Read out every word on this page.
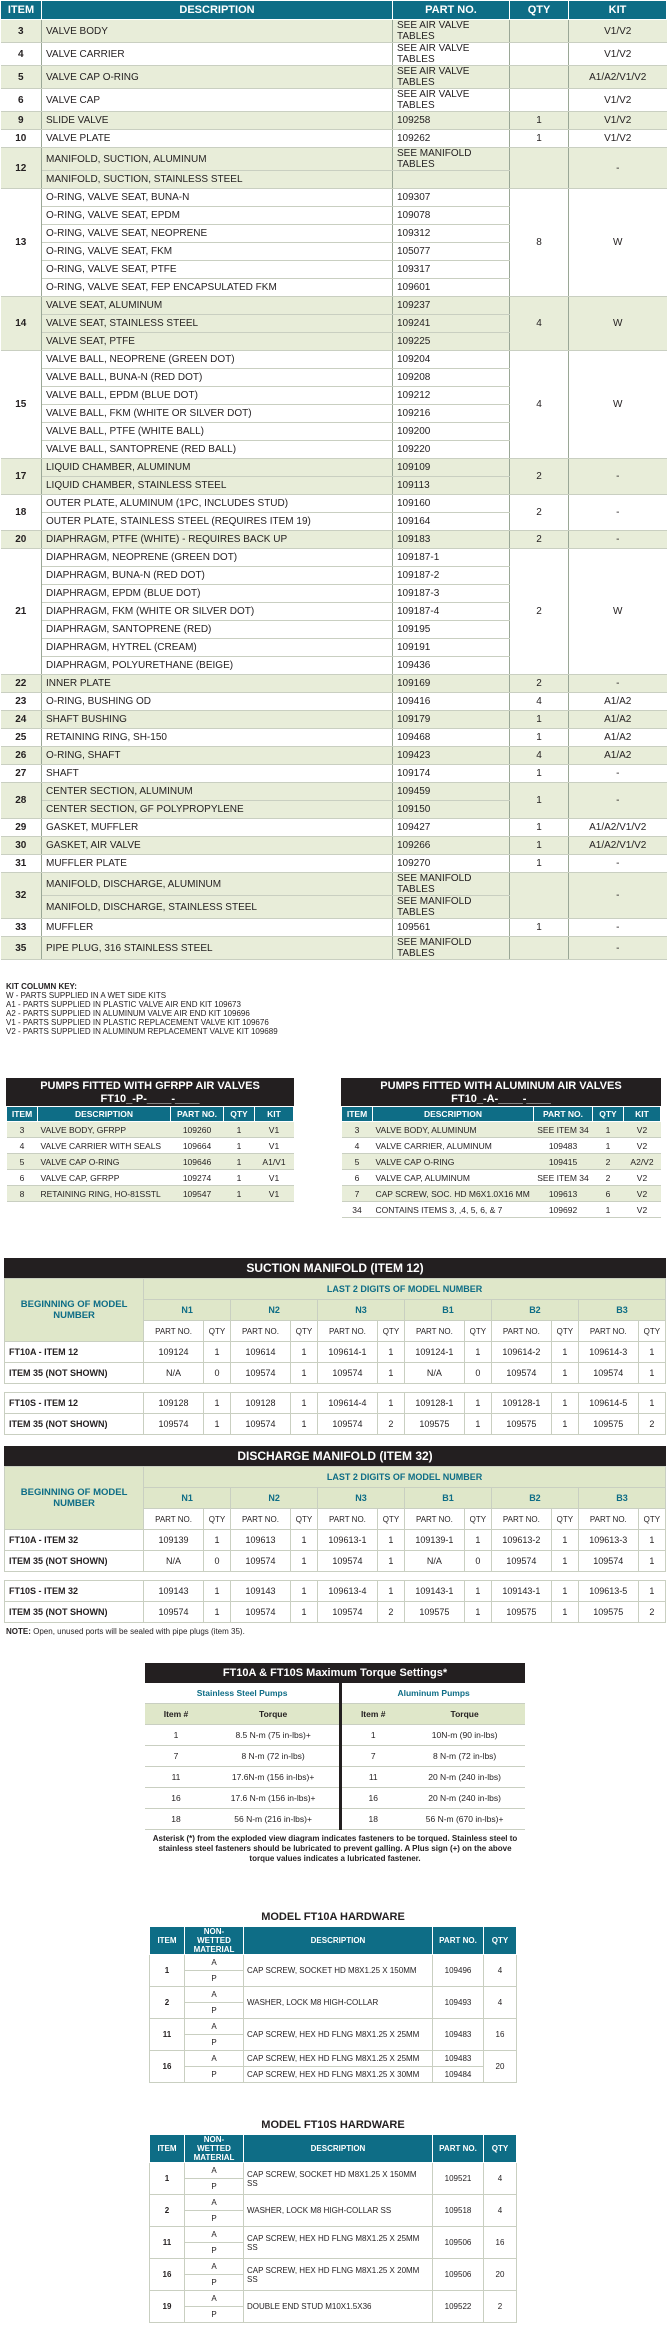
ITEM	DESCRIPTION	PART NO.	QTY	KIT
3	VALVE BODY	SEE AIR VALVE TABLES		V1/V2
4	VALVE CARRIER	SEE AIR VALVE TABLES		V1/V2
5	VALVE CAP O-RING	SEE AIR VALVE TABLES		A1/A2/V1/V2
6	VALVE CAP	SEE AIR VALVE TABLES		V1/V2
9	SLIDE VALVE	109258	1	V1/V2
10	VALVE PLATE	109262	1	V1/V2
12	MANIFOLD, SUCTION, ALUMINUM	SEE MANIFOLD TABLES		-
	MANIFOLD, SUCTION, STAINLESS STEEL			
13	O-RING, VALVE SEAT, BUNA-N	109307	8	W
	O-RING, VALVE SEAT, EPDM	109078		
	O-RING, VALVE SEAT, NEOPRENE	109312		
	O-RING, VALVE SEAT, FKM	105077		
	O-RING, VALVE SEAT, PTFE	109317		
	O-RING, VALVE SEAT, FEP ENCAPSULATED FKM	109601		
14	VALVE SEAT, ALUMINUM	109237	4	W
	VALVE SEAT, STAINLESS STEEL	109241		
	VALVE SEAT, PTFE	109225		
15	VALVE BALL, NEOPRENE (GREEN DOT)	109204	4	W
	VALVE BALL, BUNA-N (RED DOT)	109208		
	VALVE BALL, EPDM (BLUE DOT)	109212		
	VALVE BALL, FKM (WHITE OR SILVER DOT)	109216		
	VALVE BALL, PTFE (WHITE BALL)	109200		
	VALVE BALL, SANTOPRENE (RED BALL)	109220		
17	LIQUID CHAMBER, ALUMINUM	109109	2	-
	LIQUID CHAMBER, STAINLESS STEEL	109113		
18	OUTER PLATE, ALUMINUM (1PC, INCLUDES STUD)	109160	2	-
	OUTER PLATE, STAINLESS STEEL (REQUIRES ITEM 19)	109164		
20	DIAPHRAGM, PTFE (WHITE) - REQUIRES BACK UP	109183	2	-
21	DIAPHRAGM, NEOPRENE (GREEN DOT)	109187-1	2	W
	DIAPHRAGM, BUNA-N (RED DOT)	109187-2		
	DIAPHRAGM, EPDM (BLUE DOT)	109187-3		
	DIAPHRAGM, FKM (WHITE OR SILVER DOT)	109187-4		
	DIAPHRAGM, SANTOPRENE (RED)	109195		
	DIAPHRAGM, HYTREL (CREAM)	109191		
	DIAPHRAGM, POLYURETHANE (BEIGE)	109436		
22	INNER PLATE	109169	2	-
23	O-RING, BUSHING OD	109416	4	A1/A2
24	SHAFT BUSHING	109179	1	A1/A2
25	RETAINING RING, SH-150	109468	1	A1/A2
26	O-RING, SHAFT	109423	4	A1/A2
27	SHAFT	109174	1	-
28	CENTER SECTION, ALUMINUM	109459	1	-
	CENTER SECTION, GF POLYPROPYLENE	109150		
29	GASKET, MUFFLER	109427	1	A1/A2/V1/V2
30	GASKET, AIR VALVE	109266	1	A1/A2/V1/V2
31	MUFFLER PLATE	109270	1	-
32	MANIFOLD, DISCHARGE, ALUMINUM	SEE MANIFOLD TABLES		-
	MANIFOLD, DISCHARGE, STAINLESS STEEL	SEE MANIFOLD TABLES		
33	MUFFLER	109561	1	-
35	PIPE PLUG, 316 STAINLESS STEEL	SEE MANIFOLD TABLES		-
KIT COLUMN KEY:
W - PARTS SUPPLIED IN A WET SIDE KITS
A1 - PARTS SUPPLIED IN PLASTIC VALVE AIR END KIT 109673
A2 - PARTS SUPPLIED IN ALUMINUM VALVE AIR END KIT 109696
V1 - PARTS SUPPLIED IN PLASTIC REPLACEMENT VALVE KIT 109676
V2 - PARTS SUPPLIED IN ALUMINUM REPLACEMENT VALVE KIT 109689
PUMPS FITTED WITH GFRPP AIR VALVES
FT10_-P-____-____
ITEM	DESCRIPTION	PART NO.	QTY	KIT
3	VALVE BODY, GFRPP	109260	1	V1
4	VALVE CARRIER WITH SEALS	109664	1	V1
5	VALVE CAP O-RING	109646	1	A1/V1
6	VALVE CAP, GFRPP	109274	1	V1
8	RETAINING RING, HO-81SSTL	109547	1	V1
PUMPS FITTED WITH ALUMINUM AIR VALVES
FT10_-A-____-____
ITEM	DESCRIPTION	PART NO.	QTY	KIT
3	VALVE BODY, ALUMINUM	SEE ITEM 34	1	V2
4	VALVE CARRIER, ALUMINUM	109483	1	V2
5	VALVE CAP O-RING	109415	2	A2/V2
6	VALVE CAP, ALUMINUM	SEE ITEM 34	2	V2
7	CAP SCREW, SOC. HD M6X1.0X16 MM	109613	6	V2
34	CONTAINS ITEMS 3, ,4, 5, 6, & 7	109692	1	V2
SUCTION MANIFOLD (ITEM 12)
BEGINNING OF MODEL NUMBER	LAST 2 DIGITS OF MODEL NUMBER											
	N1		N2		N3		B1		B2		B3	
	PART NO.	QTY	PART NO.	QTY	PART NO.	QTY	PART NO.	QTY	PART NO.	QTY	PART NO.	QTY
FT10A - ITEM 12	109124	1	109614	1	109614-1	1	109124-1	1	109614-2	1	109614-3	1
ITEM 35 (NOT SHOWN)	N/A	0	109574	1	109574	1	N/A	0	109574	1	109574	1

FT10S - ITEM 12	109128	1	109128	1	109614-4	1	109128-1	1	109128-1	1	109614-5	1
ITEM 35 (NOT SHOWN)	109574	1	109574	1	109574	2	109575	1	109575	1	109575	2
DISCHARGE MANIFOLD (ITEM 32)
BEGINNING OF MODEL NUMBER	LAST 2 DIGITS OF MODEL NUMBER											
	N1		N2		N3		B1		B2		B3	
	PART NO.	QTY	PART NO.	QTY	PART NO.	QTY	PART NO.	QTY	PART NO.	QTY	PART NO.	QTY
FT10A - ITEM 32	109139	1	109613	1	109613-1	1	109139-1	1	109613-2	1	109613-3	1
ITEM 35 (NOT SHOWN)	N/A	0	109574	1	109574	1	N/A	0	109574	1	109574	1

FT10S - ITEM 32	109143	1	109143	1	109613-4	1	109143-1	1	109143-1	1	109613-5	1
ITEM 35 (NOT SHOWN)	109574	1	109574	1	109574	2	109575	1	109575	1	109575	2
NOTE: Open, unused ports will be sealed with pipe plugs (item 35).
FT10A & FT10S Maximum Torque Settings*
Stainless Steel Pumps		Aluminum Pumps	
Item #	Torque	Item #	Torque
1	8.5 N-m (75 in-lbs)+	1	10N-m (90 in-lbs)
7	8 N-m (72 in-lbs)	7	8 N-m (72 in-lbs)
11	17.6N-m (156 in-lbs)+	11	20 N-m (240 in-lbs)
16	17.6 N-m (156 in-lbs)+	16	20 N-m (240 in-lbs)
18	56 N-m (216 in-lbs)+	18	56 N-m (670 in-lbs)+
Asterisk (*) from the exploded view diagram indicates fasteners to be torqued. Stainless steel to stainless steel fasteners should be lubricated to prevent galling. A Plus sign (+) on the above torque values indicates a lubricated fastener.
MODEL FT10A HARDWARE
ITEM	NON-WETTED MATERIAL	DESCRIPTION	PART NO.	QTY
1	A	CAP SCREW, SOCKET HD M8X1.25 X 150MM	109496	4
	P			
2	A	WASHER, LOCK M8 HIGH-COLLAR	109493	4
	P			
11	A	CAP SCREW, HEX HD FLNG M8X1.25 X 25MM	109483	16
	P			
16	A	CAP SCREW, HEX HD FLNG M8X1.25 X 25MM	109483	20
	P	CAP SCREW, HEX HD FLNG M8X1.25 X 30MM	109484	
MODEL FT10S HARDWARE
ITEM	NON-WETTED MATERIAL	DESCRIPTION	PART NO.	QTY
1	A	CAP SCREW, SOCKET HD M8X1.25 X 150MM SS	109521	4
	P			
2	A	WASHER, LOCK M8 HIGH-COLLAR SS	109518	4
	P			
11	A	CAP SCREW, HEX HD FLNG M8X1.25 X 25MM SS	109506	16
	P			
16	A	CAP SCREW, HEX HD FLNG M8X1.25 X 20MM SS	109506	20
	P			
19	A	DOUBLE END STUD M10X1.5X36	109522	2
	P			
